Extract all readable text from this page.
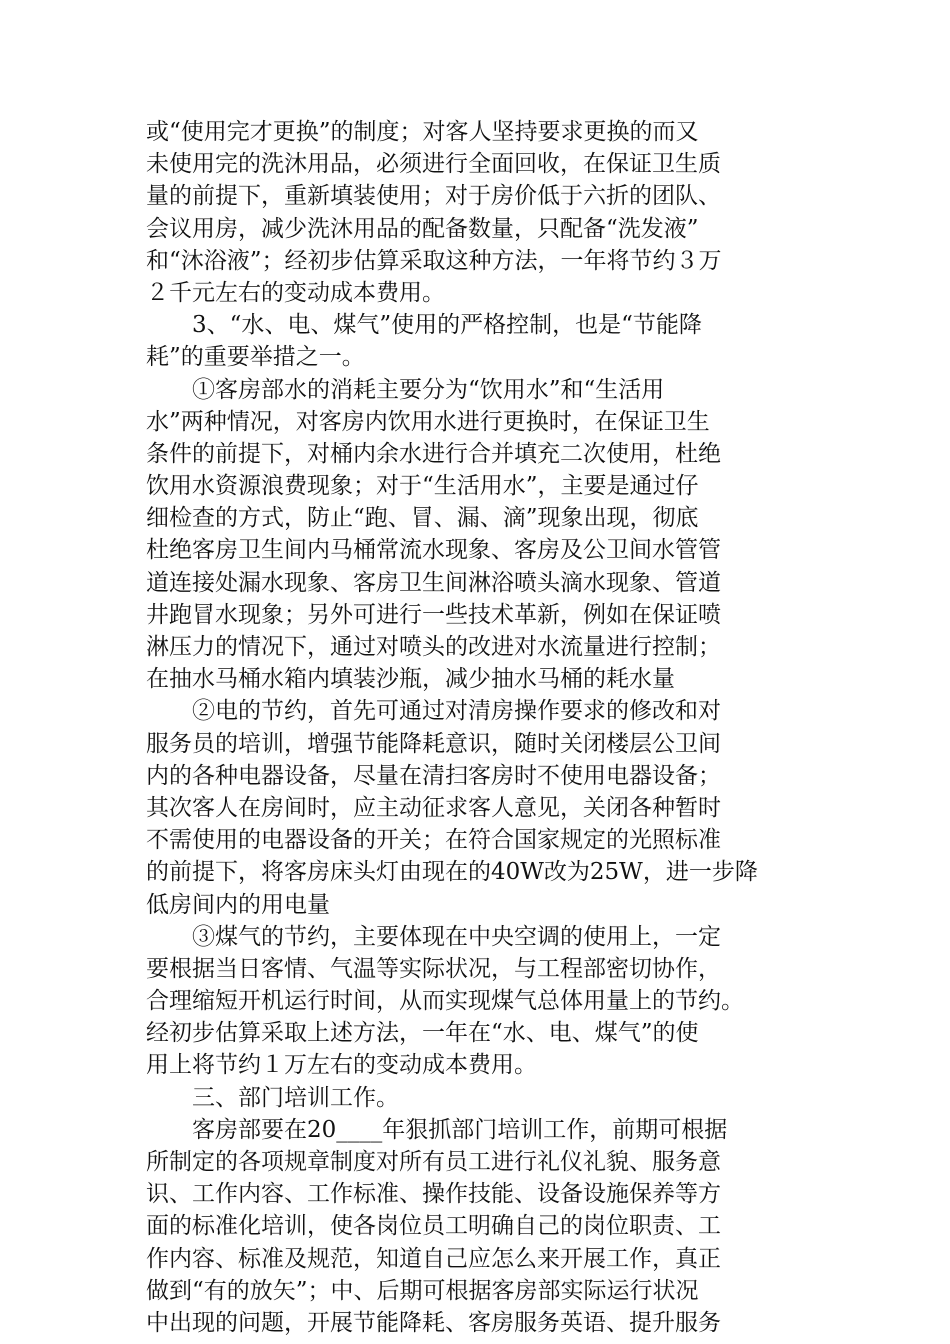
或“使用完才更换”的制度；对客人坚持要求更换的而又
未使用完的洗沐用品，必须进行全面回收，在保证卫生质
量的前提下，重新填装使用；对于房价低于六折的团队、
会议用房，减少洗沐用品的配备数量，只配备“洗发液”
和“沐浴液”；经初步估算采取这种方法，一年将节约３万
２千元左右的变动成本费用。
　　3、“水、电、煤气”使用的严格控制，也是“节能降
耗”的重要举措之一。
　　①客房部水的消耗主要分为“饮用水”和“生活用
水”两种情况，对客房内饮用水进行更换时，在保证卫生
条件的前提下，对桶内余水进行合并填充二次使用，杜绝
饮用水资源浪费现象；对于“生活用水”，主要是通过仔
细检查的方式，防止“跑、冒、漏、滴”现象出现，彻底
杜绝客房卫生间内马桶常流水现象、客房及公卫间水管管
道连接处漏水现象、客房卫生间淋浴喷头滴水现象、管道
井跑冒水现象；另外可进行一些技术革新，例如在保证喷
淋压力的情况下，通过对喷头的改进对水流量进行控制；
在抽水马桶水箱内填装沙瓶，减少抽水马桶的耗水量
　　②电的节约，首先可通过对清房操作要求的修改和对
服务员的培训，增强节能降耗意识，随时关闭楼层公卫间
内的各种电器设备，尽量在清扫客房时不使用电器设备；
其次客人在房间时，应主动征求客人意见，关闭各种暂时
不需使用的电器设备的开关；在符合国家规定的光照标准
的前提下，将客房床头灯由现在的40W改为25W，进一步降
低房间内的用电量
　　③煤气的节约，主要体现在中央空调的使用上，一定
要根据当日客情、气温等实际状况，与工程部密切协作，
合理缩短开机运行时间，从而实现煤气总体用量上的节约。
经初步估算采取上述方法，一年在“水、电、煤气”的使
用上将节约１万左右的变动成本费用。
　　三、部门培训工作。
　　客房部要在20____年狠抓部门培训工作，前期可根据
所制定的各项规章制度对所有员工进行礼仪礼貌、服务意
识、工作内容、工作标准、操作技能、设备设施保养等方
面的标准化培训，使各岗位员工明确自己的岗位职责、工
作内容、标准及规范，知道自己应怎么来开展工作，真正
做到“有的放矢”；中、后期可根据客房部实际运行状况
中出现的问题，开展节能降耗、客房服务英语、提升服务
